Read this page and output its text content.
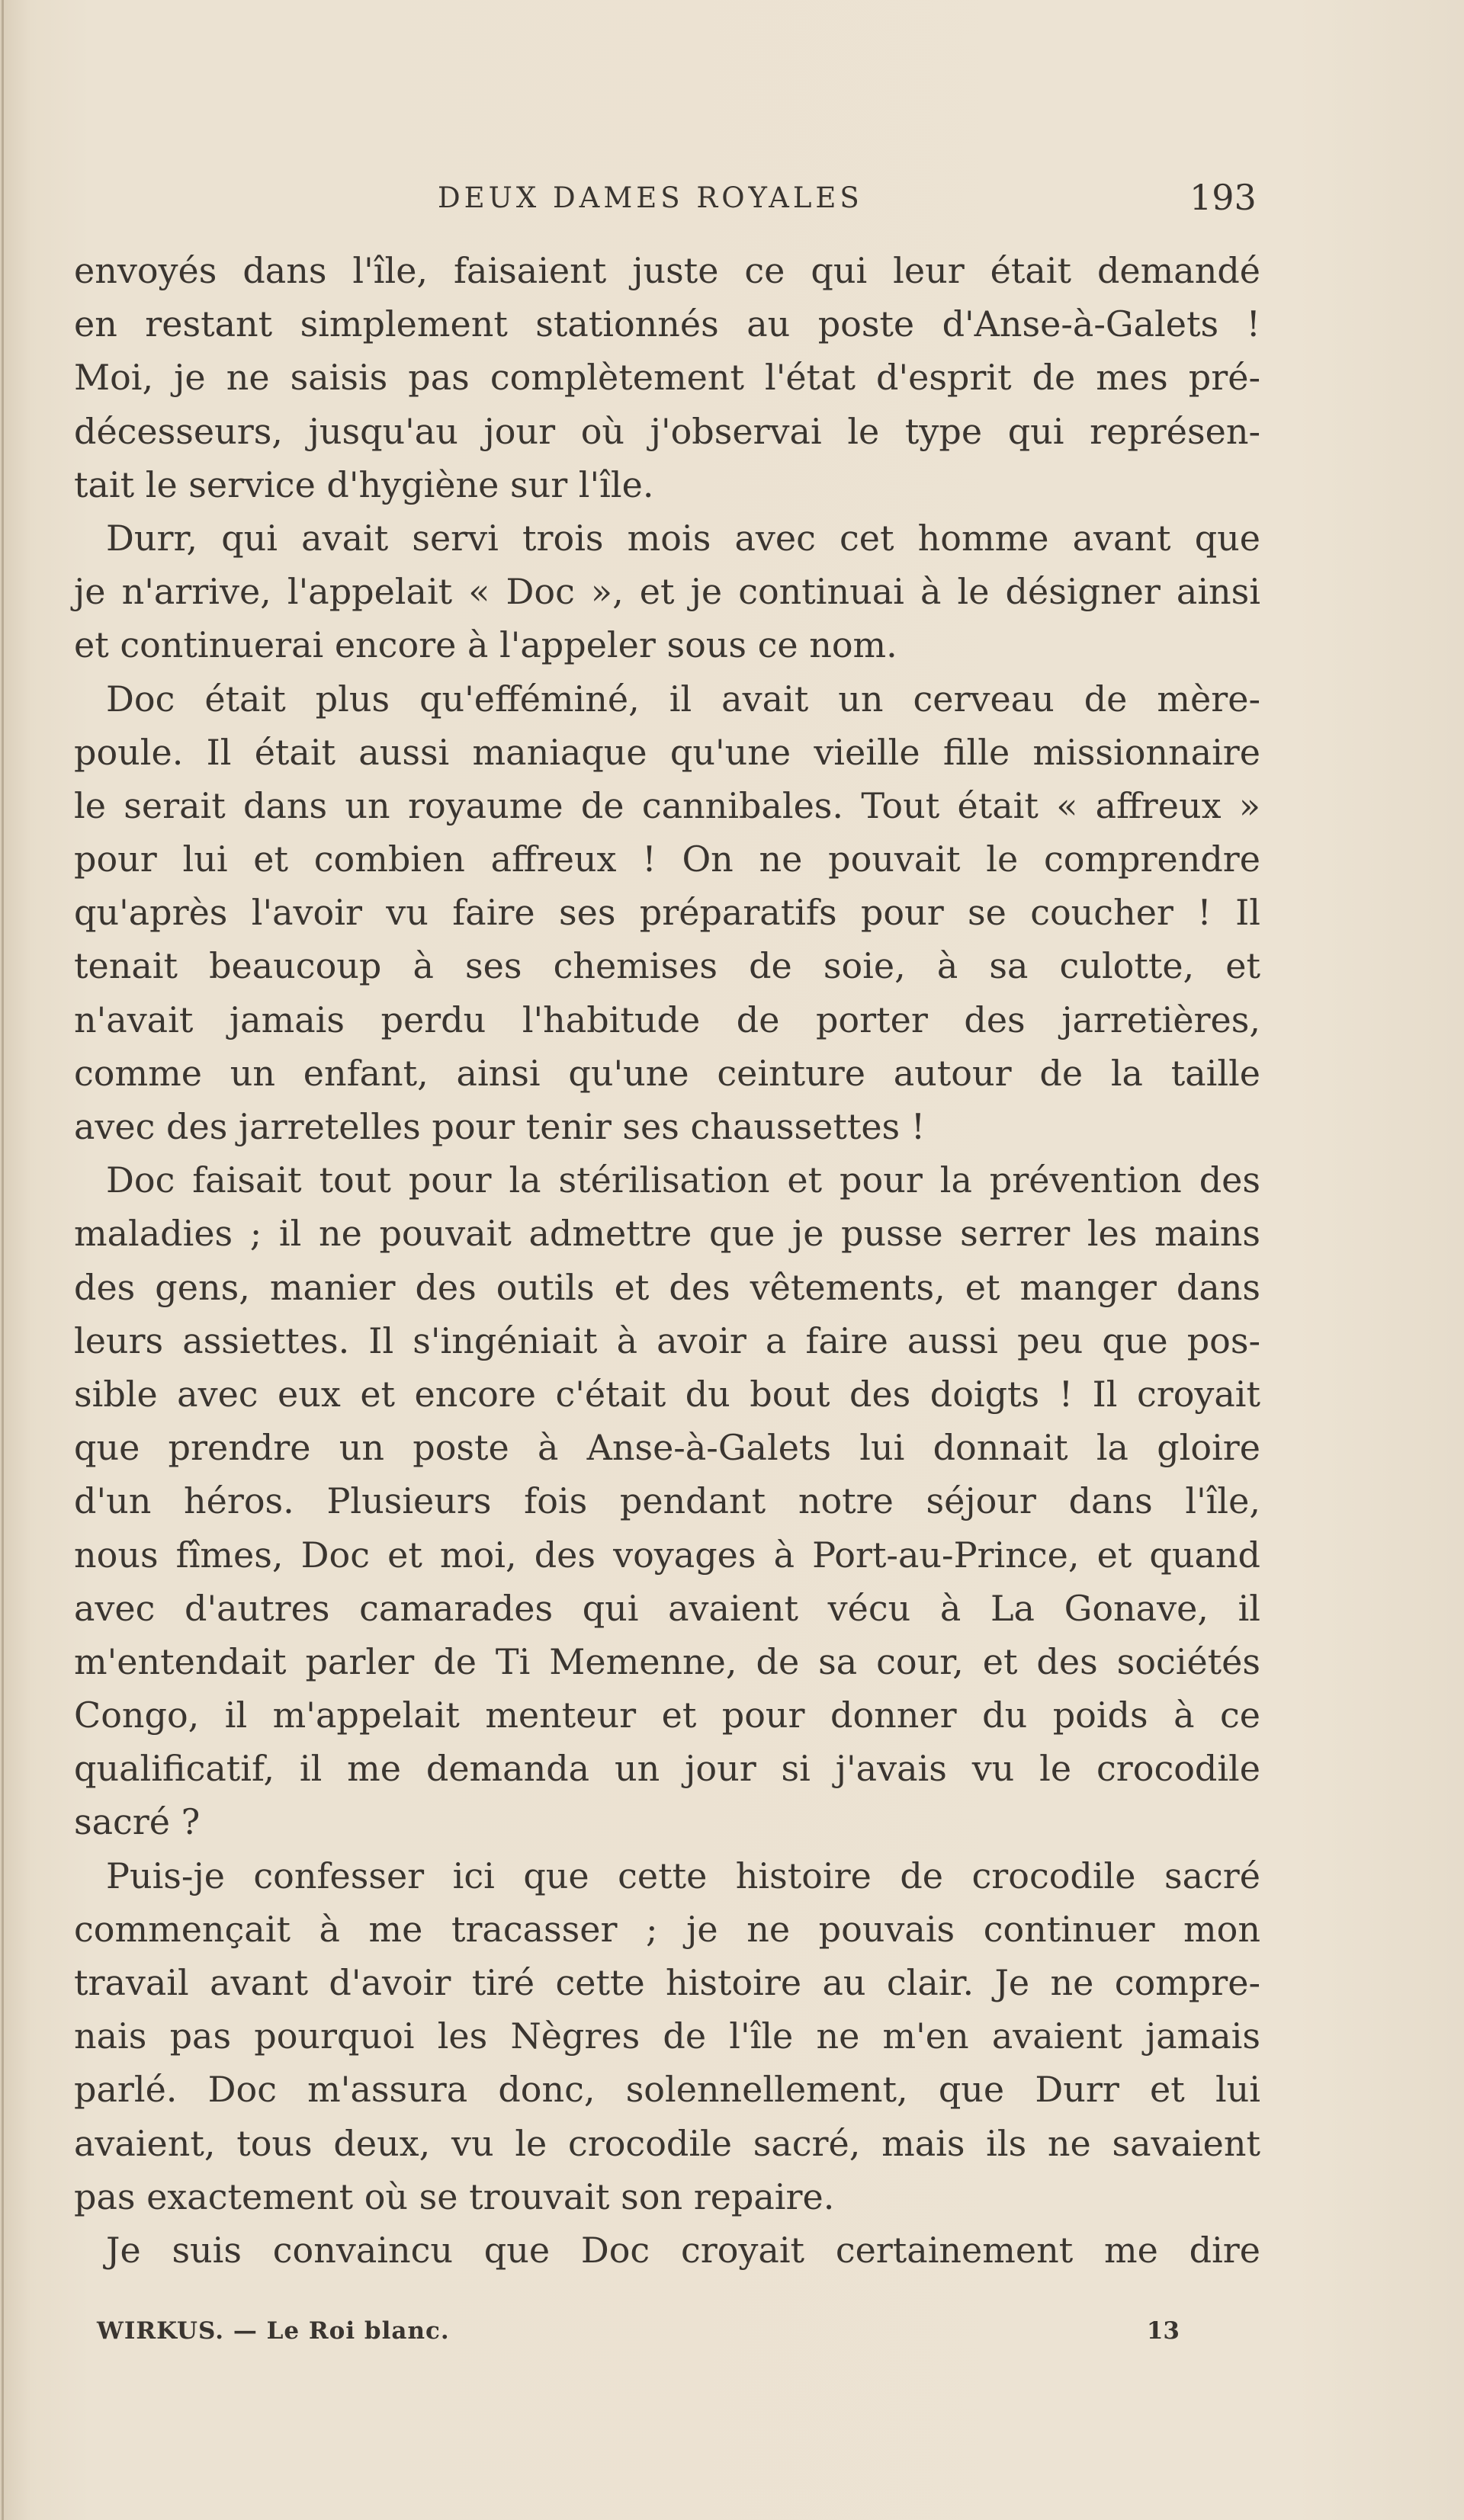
DEUX DAMES ROYALES	193
envoyés dans l'île, faisaient juste ce qui leur était demandé
en restant simplement stationnés au poste d'Anse-à-Galets !
Moi, je ne saisis pas complètement l'état d'esprit de mes pré-
décesseurs, jusqu'au jour où j'observai le type qui représen-
tait le service d'hygiène sur l'île.
Durr, qui avait servi trois mois avec cet homme avant que
je n'arrive, l'appelait « Doc », et je continuai à le désigner ainsi
et continuerai encore à l'appeler sous ce nom.
Doc était plus qu'efféminé, il avait un cerveau de mère-
poule. Il était aussi maniaque qu'une vieille fille missionnaire
le serait dans un royaume de cannibales. Tout était « affreux »
pour lui et combien affreux ! On ne pouvait le comprendre
qu'après l'avoir vu faire ses préparatifs pour se coucher ! Il
tenait beaucoup à ses chemises de soie, à sa culotte, et
n'avait jamais perdu l'habitude de porter des jarretières,
comme un enfant, ainsi qu'une ceinture autour de la taille
avec des jarretelles pour tenir ses chaussettes !
Doc faisait tout pour la stérilisation et pour la prévention des
maladies ; il ne pouvait admettre que je pusse serrer les mains
des gens, manier des outils et des vêtements, et manger dans
leurs assiettes. Il s'ingéniait à avoir a faire aussi peu que pos-
sible avec eux et encore c'était du bout des doigts ! Il croyait
que prendre un poste à Anse-à-Galets lui donnait la gloire
d'un héros. Plusieurs fois pendant notre séjour dans l'île,
nous fîmes, Doc et moi, des voyages à Port-au-Prince, et quand
avec d'autres camarades qui avaient vécu à La Gonave, il
m'entendait parler de Ti Memenne, de sa cour, et des sociétés
Congo, il m'appelait menteur et pour donner du poids à ce
qualificatif, il me demanda un jour si j'avais vu le crocodile
sacré ?
Puis-je confesser ici que cette histoire de crocodile sacré
commençait à me tracasser ; je ne pouvais continuer mon
travail avant d'avoir tiré cette histoire au clair. Je ne compre-
nais pas pourquoi les Nègres de l'île ne m'en avaient jamais
parlé. Doc m'assura donc, solennellement, que Durr et lui
avaient, tous deux, vu le crocodile sacré, mais ils ne savaient
pas exactement où se trouvait son repaire.
Je suis convaincu que Doc croyait certainement me dire
WIRKUS. — Le Roi blanc.	13
